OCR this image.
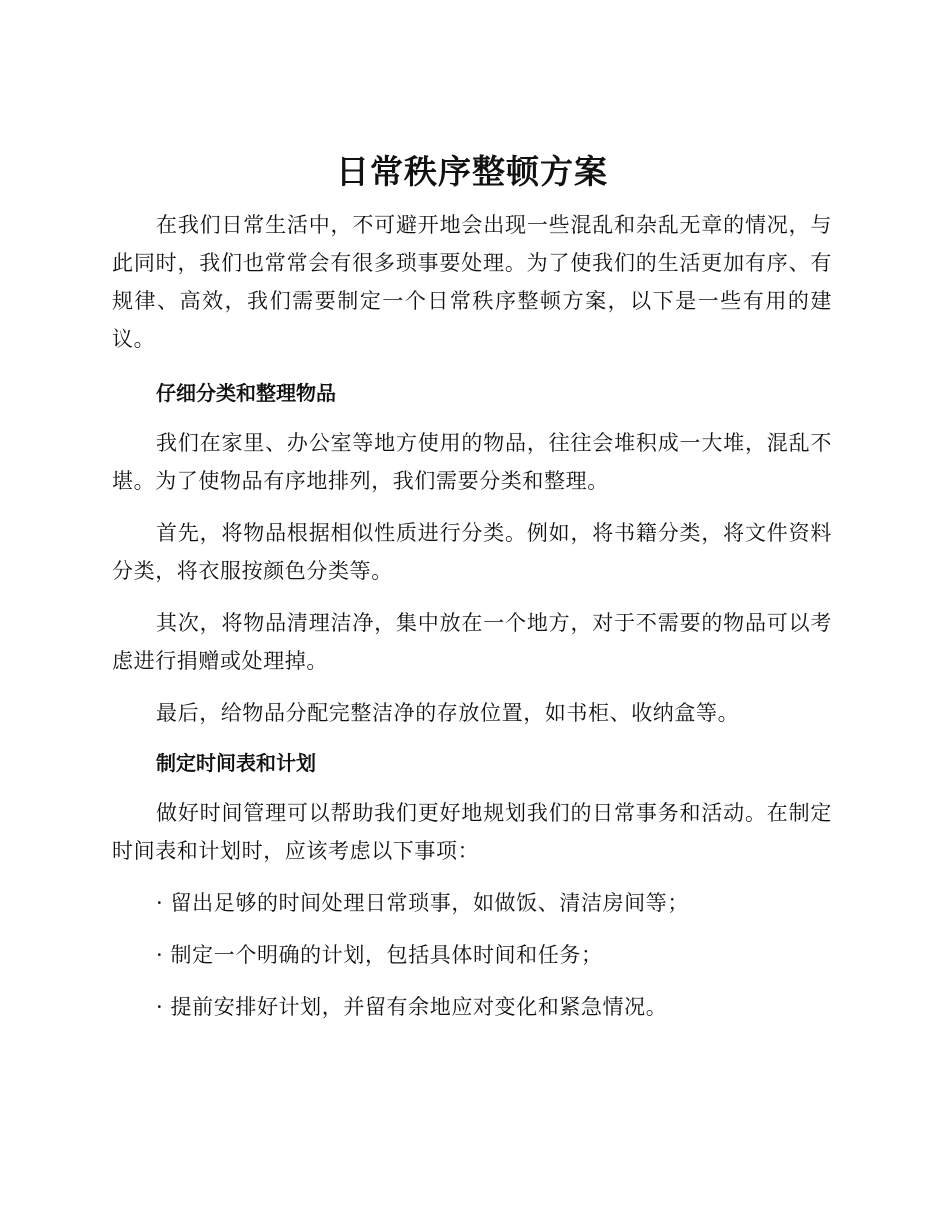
日常秩序整顿方案

在我们日常生活中，不可避开地会出现一些混乱和杂乱无章的情况，与此同时，我们也常常会有很多琐事要处理。为了使我们的生活更加有序、有规律、高效，我们需要制定一个日常秩序整顿方案，以下是一些有用的建议。

仔细分类和整理物品

我们在家里、办公室等地方使用的物品，往往会堆积成一大堆，混乱不堪。为了使物品有序地排列，我们需要分类和整理。

首先，将物品根据相似性质进行分类。例如，将书籍分类，将文件资料分类，将衣服按颜色分类等。

其次，将物品清理洁净，集中放在一个地方，对于不需要的物品可以考虑进行捐赠或处理掉。

最后，给物品分配完整洁净的存放位置，如书柜、收纳盒等。

制定时间表和计划

做好时间管理可以帮助我们更好地规划我们的日常事务和活动。在制定时间表和计划时，应该考虑以下事项：

· 留出足够的时间处理日常琐事，如做饭、清洁房间等；

· 制定一个明确的计划，包括具体时间和任务；

· 提前安排好计划，并留有余地应对变化和紧急情况。
